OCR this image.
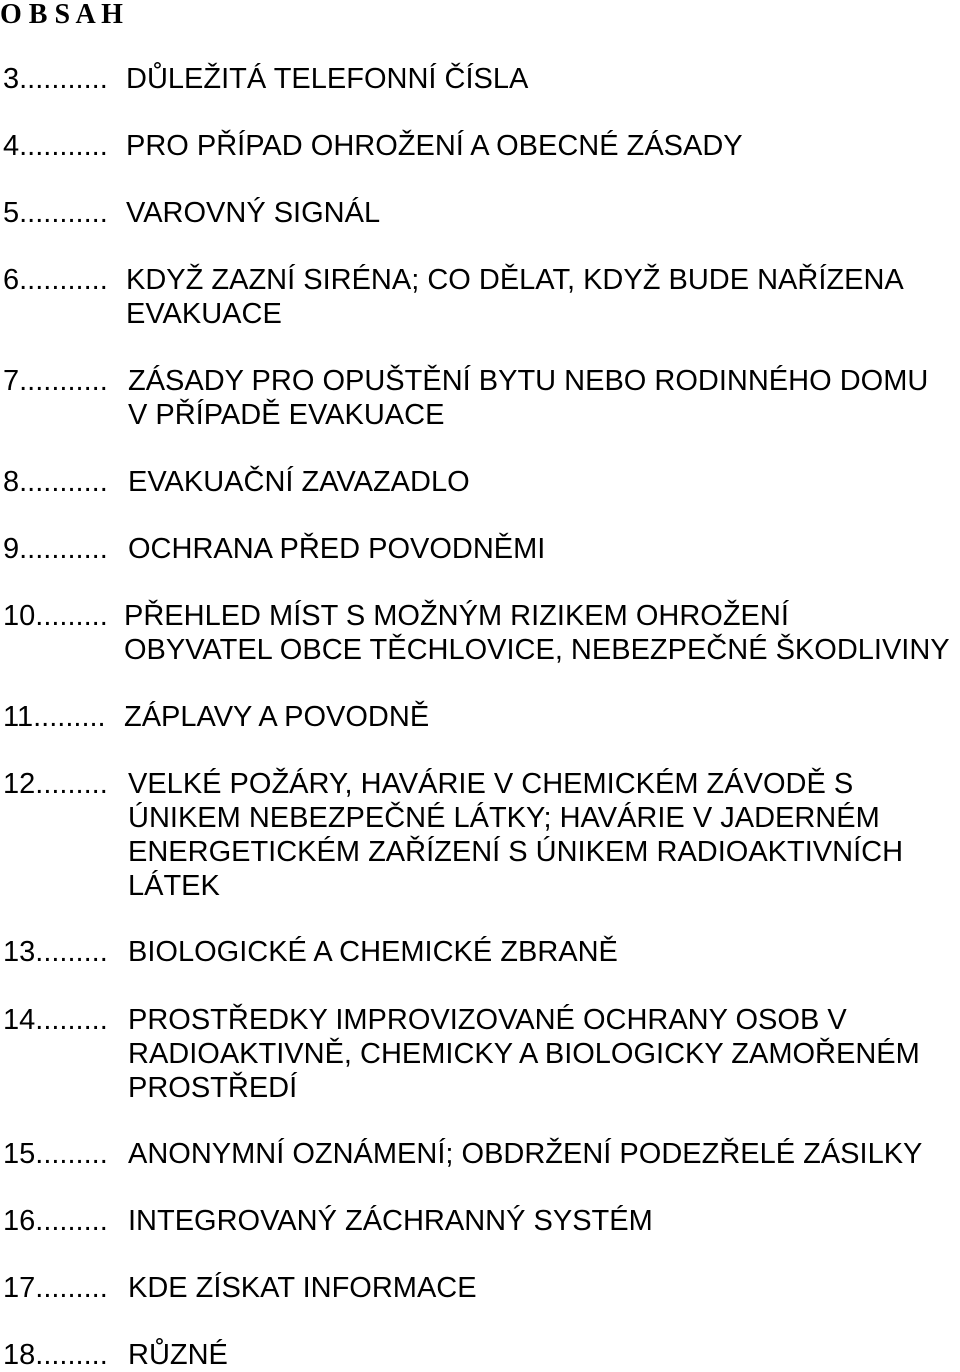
O B S A H
3........... DŮLEŽITÁ TELEFONNÍ ČÍSLA
4........... PRO PŘÍPAD OHROŽENÍ A OBECNÉ ZÁSADY
5........... VAROVNÝ SIGNÁL
6........... KDYŽ ZAZNÍ SIRÉNA; CO DĚLAT, KDYŽ BUDE NAŘÍZENA
EVAKUACE
7........... ZÁSADY PRO OPUŠTĚNÍ BYTU NEBO RODINNÉHO DOMU
V PŘÍPADĚ EVAKUACE
8........... EVAKUAČNÍ ZAVAZADLO
9........... OCHRANA PŘED POVODNĚMI
10......... PŘEHLED MÍST S MOŽNÝM RIZIKEM OHROŽENÍ
OBYVATEL OBCE TĚCHLOVICE, NEBEZPEČNÉ ŠKODLIVINY
11......... ZÁPLAVY A POVODNĚ
12......... VELKÉ POŽÁRY, HAVÁRIE V CHEMICKÉM ZÁVODĚ S
ÚNIKEM NEBEZPEČNÉ LÁTKY; HAVÁRIE V JADERNÉM
ENERGETICKÉM ZAŘÍZENÍ S ÚNIKEM RADIOAKTIVNÍCH
LÁTEK
13......... BIOLOGICKÉ A CHEMICKÉ ZBRANĚ
14......... PROSTŘEDKY IMPROVIZOVANÉ OCHRANY OSOB V
RADIOAKTIVNĚ, CHEMICKY A BIOLOGICKY ZAMOŘENÉM
PROSTŘEDÍ
15......... ANONYMNÍ OZNÁMENÍ; OBDRŽENÍ PODEZŘELÉ ZÁSILKY
16......... INTEGROVANÝ ZÁCHRANNÝ SYSTÉM
17......... KDE ZÍSKAT INFORMACE
18......... RŮZNÉ
